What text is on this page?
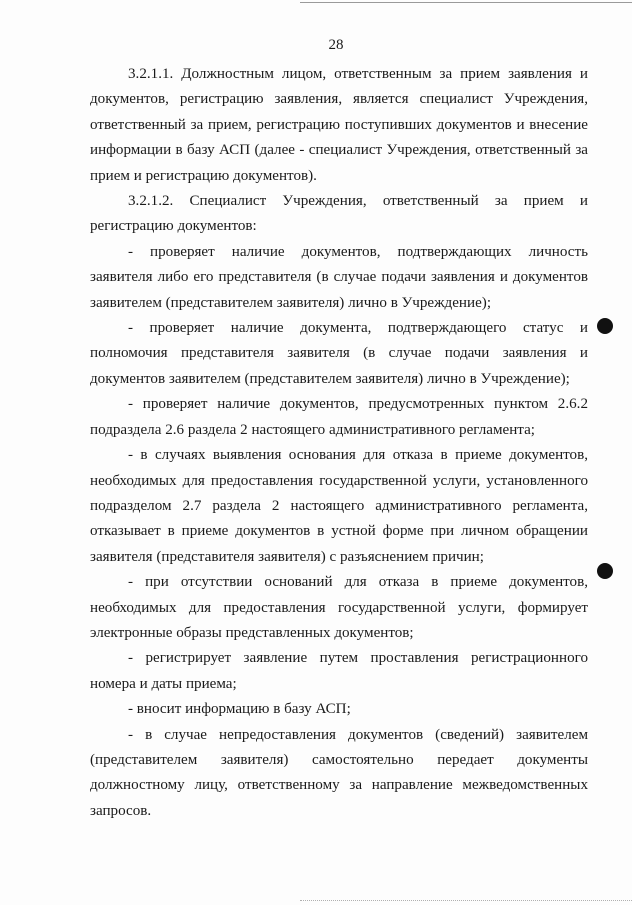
28

3.2.1.1. Должностным лицом, ответственным за прием заявления и документов, регистрацию заявления, является специалист Учреждения, ответственный за прием, регистрацию поступивших документов и внесение информации в базу АСП (далее - специалист Учреждения, ответственный за прием и регистрацию документов).

3.2.1.2. Специалист Учреждения, ответственный за прием и регистрацию документов:

- проверяет наличие документов, подтверждающих личность заявителя либо его представителя (в случае подачи заявления и документов заявителем (представителем заявителя) лично в Учреждение);

- проверяет наличие документа, подтверждающего статус и полномочия представителя заявителя (в случае подачи заявления и документов заявителем (представителем заявителя) лично в Учреждение);

- проверяет наличие документов, предусмотренных пунктом 2.6.2 подраздела 2.6 раздела 2 настоящего административного регламента;

- в случаях выявления основания для отказа в приеме документов, необходимых для предоставления государственной услуги, установленного подразделом 2.7 раздела 2 настоящего административного регламента, отказывает в приеме документов в устной форме при личном обращении заявителя (представителя заявителя) с разъяснением причин;

- при отсутствии оснований для отказа в приеме документов, необходимых для предоставления государственной услуги, формирует электронные образы представленных документов;

- регистрирует заявление путем проставления регистрационного номера и даты приема;

- вносит информацию в базу АСП;

- в случае непредоставления документов (сведений) заявителем (представителем заявителя) самостоятельно передает документы должностному лицу, ответственному за направление межведомственных запросов.
